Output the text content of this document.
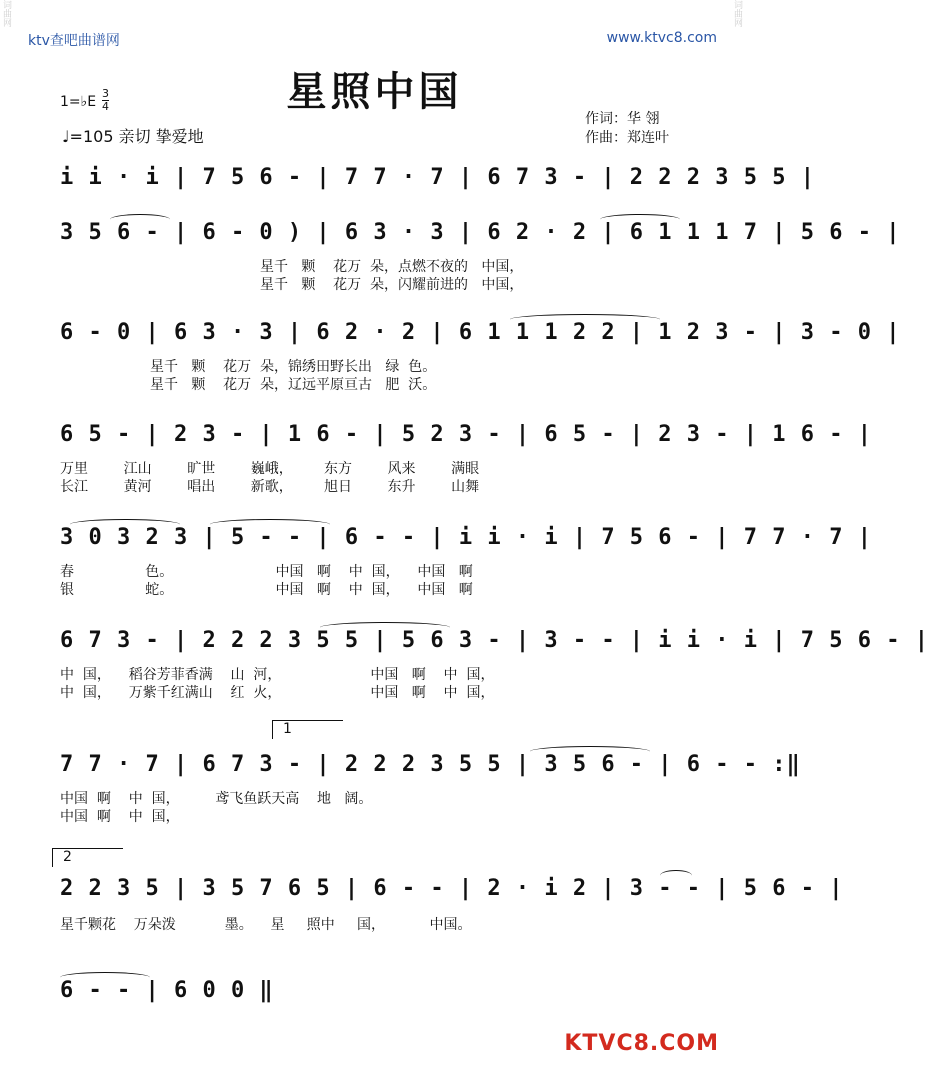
词曲网	词曲网
ktv查吧曲谱网	www.ktvc8.com
星照中国
1=♭E
3
4
♩=105 亲切 挚爱地
作词：华 翎
作曲：郑连叶
i i · i | 7 5 6 - | 7 7 · 7 | 6 7 3 - | 2 2 2 3 5 5 |
3 5 6 - | 6 - 0 ) | 6 3 · 3 | 6 2 · 2 | 6 1 1 1 7 | 5 6 - |
星千   颗    花万  朵，点燃不夜的   中国，
星千   颗    花万  朵，闪耀前进的   中国，
6 - 0 | 6 3 · 3 | 6 2 · 2 | 6 1 1 1 2 2 | 1 2 3 - | 3 - 0 |
星千   颗    花万  朵，锦绣田野长出   绿  色。
星千   颗    花万  朵，辽远平原亘古   肥  沃。
6 5 - | 2 3 - | 1 6 - | 5 2 3 - | 6 5 - | 2 3 - | 1 6 - |
万里        江山        旷世        巍峨，       东方        风来        满眼
长江        黄河        唱出        新歌，       旭日        东升        山舞
3 0 3 2 3 | 5 - - | 6 - - | i i · i | 7 5 6 - | 7 7 · 7 |
春                色。                       中国   啊    中  国，    中国   啊
银                蛇。                       中国   啊    中  国，    中国   啊
6 7 3 - | 2 2 2 3 5 5 | 5 6 3 - | 3 - - | i i · i | 7 5 6 - |
中  国，    稻谷芳菲香满    山  河，                    中国   啊    中  国，
中  国，    万紫千红满山    红  火，                    中国   啊    中  国，
1
7 7 · 7 | 6 7 3 - | 2 2 2 3 5 5 | 3 5 6 - | 6 - - :‖
中国  啊    中  国，        鸢飞鱼跃天高    地   阔。
中国  啊    中  国，
2
2 2 3 5 | 3 5 7 6 5 | 6 - - | 2 · i 2 | 3 - - | 5 6 - |
星千颗花    万朵泼           墨。    星     照中     国，          中国。
6 - - | 6 0 0 ‖
KTVC8.COM
